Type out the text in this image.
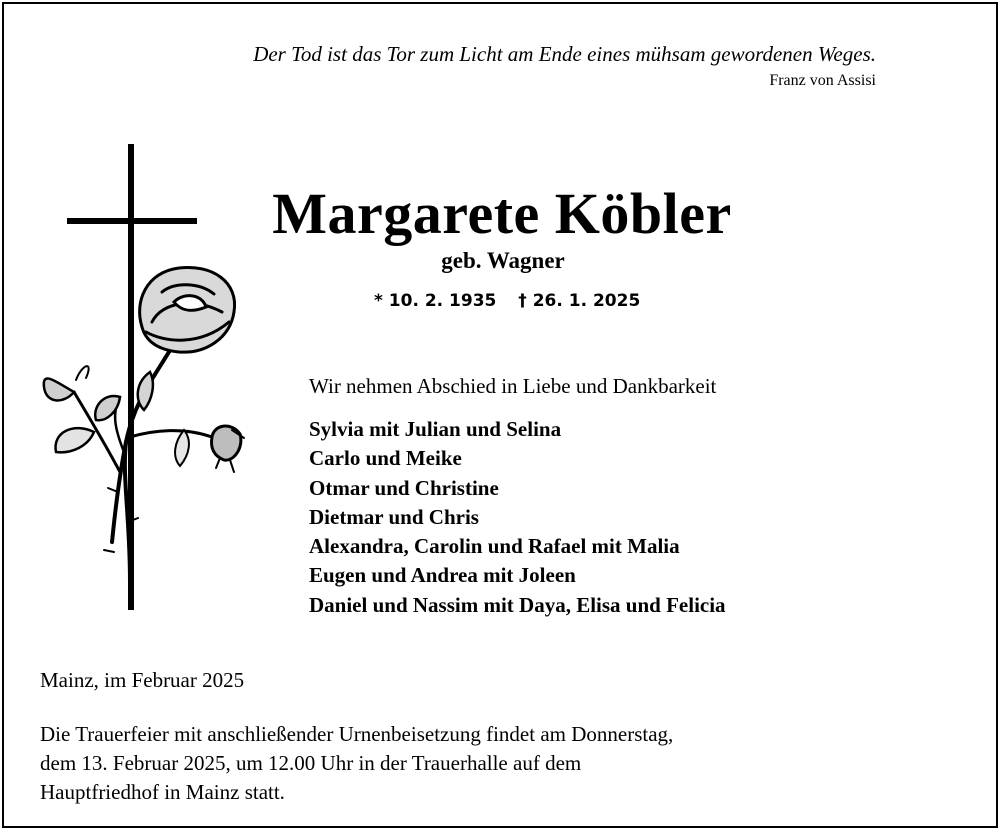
Der Tod ist das Tor zum Licht am Ende eines mühsam gewordenen Weges.

Franz von Assisi

Margarete Köbler

geb. Wagner

* 10. 2. 1935 † 26. 1. 2025

Wir nehmen Abschied in Liebe und Dankbarkeit

Sylvia mit Julian und Selina
Carlo und Meike
Otmar und Christine
Dietmar und Chris
Alexandra, Carolin und Rafael mit Malia
Eugen und Andrea mit Joleen
Daniel und Nassim mit Daya, Elisa und Felicia

Mainz, im Februar 2025

Die Trauerfeier mit anschließender Urnenbeisetzung findet am Donnerstag,
dem 13. Februar 2025, um 12.00 Uhr in der Trauerhalle auf dem
Hauptfriedhof in Mainz statt.
